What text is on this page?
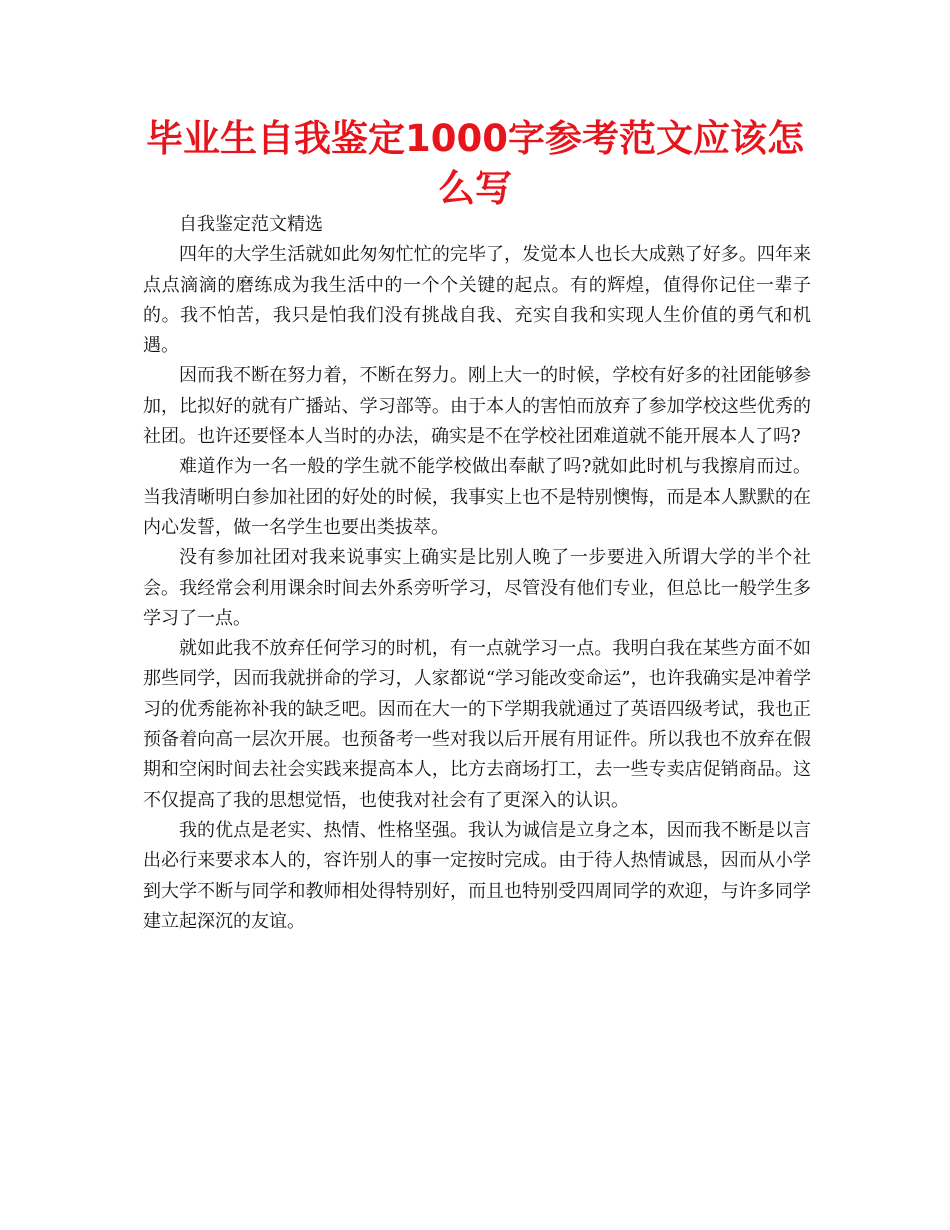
毕业生自我鉴定1000字参考范文应该怎么写

自我鉴定范文精选

四年的大学生活就如此匆匆忙忙的完毕了，发觉本人也长大成熟了好多。四年来点点滴滴的磨练成为我生活中的一个个关键的起点。有的辉煌，值得你记住一辈子的。我不怕苦，我只是怕我们没有挑战自我、充实自我和实现人生价值的勇气和机遇。

因而我不断在努力着，不断在努力。刚上大一的时候，学校有好多的社团能够参加，比拟好的就有广播站、学习部等。由于本人的害怕而放弃了参加学校这些优秀的社团。也许还要怪本人当时的办法，确实是不在学校社团难道就不能开展本人了吗?

难道作为一名一般的学生就不能学校做出奉献了吗?就如此时机与我擦肩而过。当我清晰明白参加社团的好处的时候，我事实上也不是特别懊悔，而是本人默默的在内心发誓，做一名学生也要出类拔萃。

没有参加社团对我来说事实上确实是比别人晚了一步要进入所谓大学的半个社会。我经常会利用课余时间去外系旁听学习，尽管没有他们专业，但总比一般学生多学习了一点。

就如此我不放弃任何学习的时机，有一点就学习一点。我明白我在某些方面不如那些同学，因而我就拼命的学习，人家都说“学习能改变命运”，也许我确实是冲着学习的优秀能祢补我的缺乏吧。因而在大一的下学期我就通过了英语四级考试，我也正预备着向高一层次开展。也预备考一些对我以后开展有用证件。所以我也不放弃在假期和空闲时间去社会实践来提高本人，比方去商场打工，去一些专卖店促销商品。这不仅提高了我的思想觉悟，也使我对社会有了更深入的认识。

我的优点是老实、热情、性格坚强。我认为诚信是立身之本，因而我不断是以言出必行来要求本人的，容许别人的事一定按时完成。由于待人热情诚恳，因而从小学到大学不断与同学和教师相处得特别好，而且也特别受四周同学的欢迎，与许多同学建立起深沉的友谊。
